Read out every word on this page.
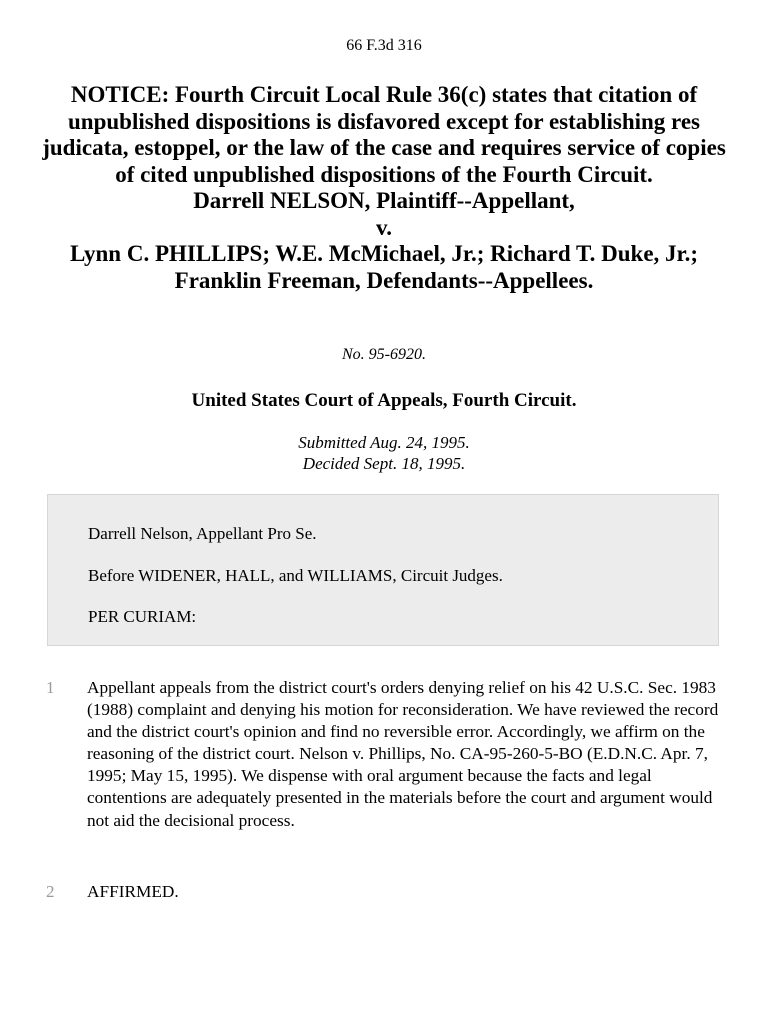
66 F.3d 316
NOTICE: Fourth Circuit Local Rule 36(c) states that citation of unpublished dispositions is disfavored except for establishing res judicata, estoppel, or the law of the case and requires service of copies of cited unpublished dispositions of the Fourth Circuit.
Darrell NELSON, Plaintiff--Appellant,
v.
Lynn C. PHILLIPS; W.E. McMichael, Jr.; Richard T. Duke, Jr.; Franklin Freeman, Defendants--Appellees.
No. 95-6920.
United States Court of Appeals, Fourth Circuit.
Submitted Aug. 24, 1995.
Decided Sept. 18, 1995.
Darrell Nelson, Appellant Pro Se.
Before WIDENER, HALL, and WILLIAMS, Circuit Judges.
PER CURIAM:
1 Appellant appeals from the district court's orders denying relief on his 42 U.S.C. Sec. 1983 (1988) complaint and denying his motion for reconsideration. We have reviewed the record and the district court's opinion and find no reversible error. Accordingly, we affirm on the reasoning of the district court. Nelson v. Phillips, No. CA-95-260-5-BO (E.D.N.C. Apr. 7, 1995; May 15, 1995). We dispense with oral argument because the facts and legal contentions are adequately presented in the materials before the court and argument would not aid the decisional process.
2 AFFIRMED.
